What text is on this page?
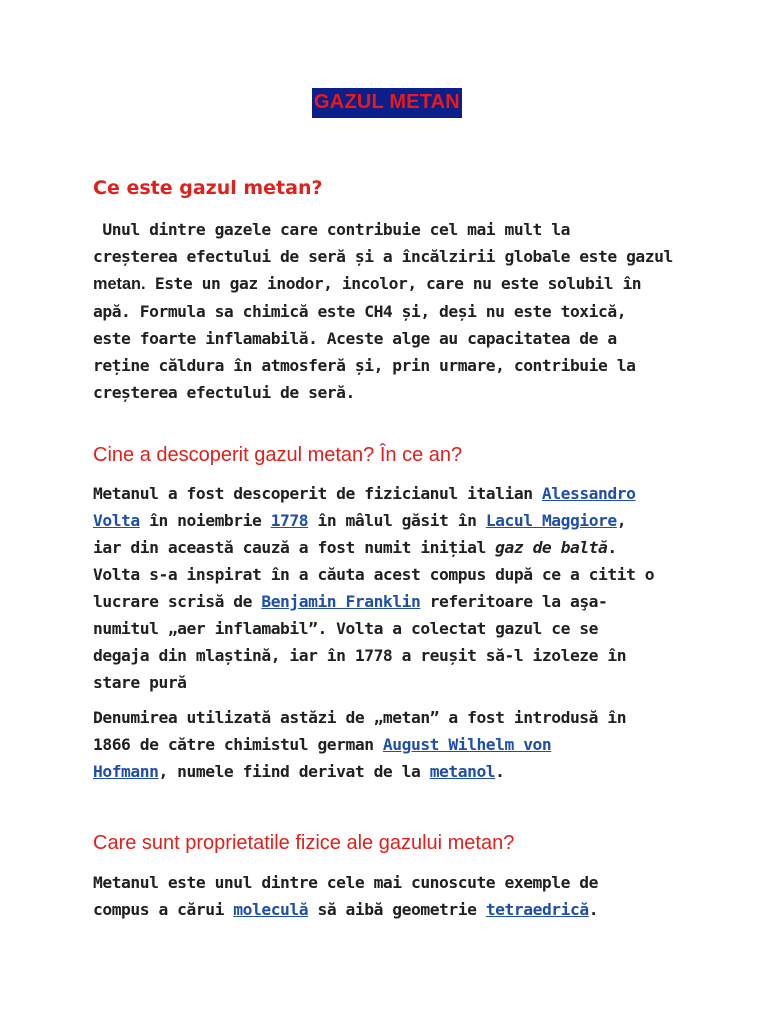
GAZUL METAN
Ce este gazul metan?

Unul dintre gazele care contribuie cel mai mult la
creșterea efectului de seră și a încălzirii globale este gazul
metan. Este un gaz inodor, incolor, care nu este solubil în
apă. Formula sa chimică este CH4 și, deși nu este toxică,
este foarte inflamabilă. Aceste alge au capacitatea de a
reține căldura în atmosferă și, prin urmare, contribuie la
creșterea efectului de seră.

Cine a descoperit gazul metan? În ce an?

Metanul a fost descoperit de fizicianul italian Alessandro
Volta în noiembrie 1778 în mâlul găsit în Lacul Maggiore,
iar din această cauză a fost numit inițial gaz de baltă.
Volta s-a inspirat în a căuta acest compus după ce a citit o
lucrare scrisă de Benjamin Franklin referitoare la aşa-
numitul „aer inflamabil”. Volta a colectat gazul ce se
degaja din mlaștină, iar în 1778 a reușit să-l izoleze în
stare pură

Denumirea utilizată astăzi de „metan” a fost introdusă în
1866 de către chimistul german August Wilhelm von
Hofmann, numele fiind derivat de la metanol.

Care sunt proprietatile fizice ale gazului metan?

Metanul este unul dintre cele mai cunoscute exemple de
compus a cărui moleculă să aibă geometrie tetraedrică.
